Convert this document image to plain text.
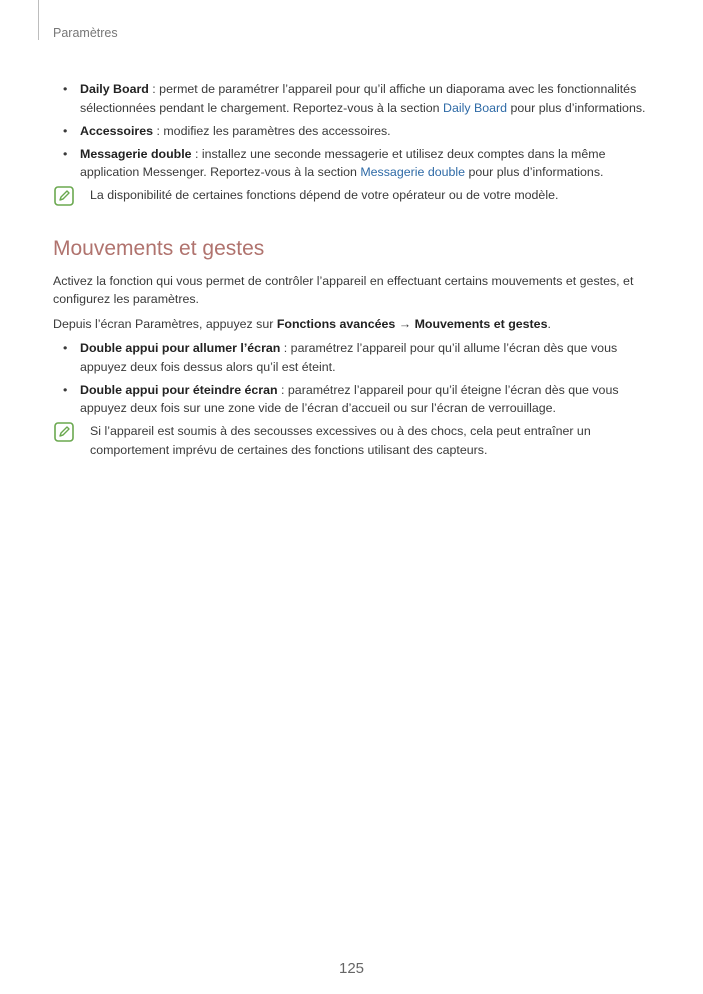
Paramètres
• Daily Board : permet de paramétrer l’appareil pour qu’il affiche un diaporama avec les fonctionnalités sélectionnées pendant le chargement. Reportez-vous à la section Daily Board pour plus d’informations.
• Accessoires : modifiez les paramètres des accessoires.
• Messagerie double : installez une seconde messagerie et utilisez deux comptes dans la même application Messenger. Reportez-vous à la section Messagerie double pour plus d’informations.
La disponibilité de certaines fonctions dépend de votre opérateur ou de votre modèle.
Mouvements et gestes

Activez la fonction qui vous permet de contrôler l’appareil en effectuant certains mouvements et gestes, et configurez les paramètres.

Depuis l’écran Paramètres, appuyez sur Fonctions avancées → Mouvements et gestes.

• Double appui pour allumer l’écran : paramétrez l’appareil pour qu’il allume l’écran dès que vous appuyez deux fois dessus alors qu’il est éteint.
• Double appui pour éteindre écran : paramétrez l’appareil pour qu’il éteigne l’écran dès que vous appuyez deux fois sur une zone vide de l’écran d’accueil ou sur l’écran de verrouillage.
Si l’appareil est soumis à des secousses excessives ou à des chocs, cela peut entraîner un comportement imprévu de certaines des fonctions utilisant des capteurs.
125
